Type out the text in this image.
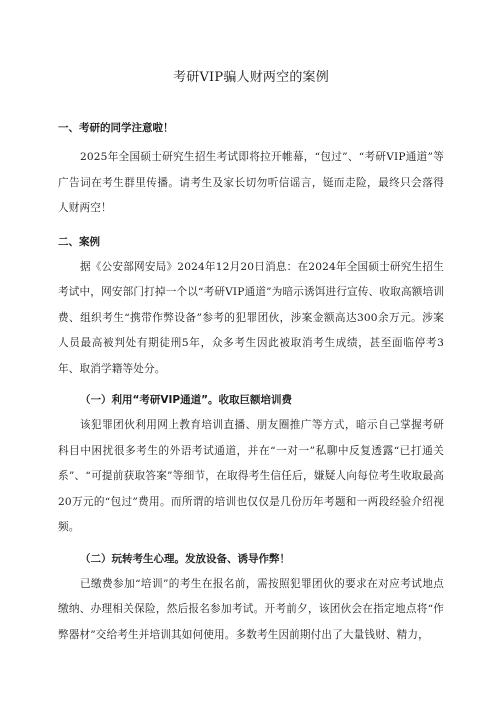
考研VIP骗人财两空的案例
一、考研的同学注意啦！

2025年全国硕士研究生招生考试即将拉开帷幕，“包过”、“考研VIP通道”等广告词在考生群里传播。请考生及家长切勿听信谣言，铤而走险，最终只会落得人财两空！

二、案例

据《公安部网安局》2024年12月20日消息：在2024年全国硕士研究生招生考试中，网安部门打掉一个以“考研VIP通道”为暗示诱饵进行宣传、收取高额培训费、组织考生“携带作弊设备”参考的犯罪团伙，涉案金额高达300余万元。涉案人员最高被判处有期徒刑5年，众多考生因此被取消考生成绩，甚至面临停考3年、取消学籍等处分。

（一）利用“考研VIP通道”。收取巨额培训费

该犯罪团伙利用网上教育培训直播、朋友圈推广等方式，暗示自己掌握考研科目中困扰很多考生的外语考试通道，并在“一对一”私聊中反复透露“已打通关系”、“可提前获取答案”等细节，在取得考生信任后，嫌疑人向每位考生收取最高20万元的“包过”费用。而所谓的培训也仅仅是几份历年考题和一两段经验介绍视频。

（二）玩转考生心理。发放设备、诱导作弊！

已缴费参加“培训”的考生在报名前，需按照犯罪团伙的要求在对应考试地点缴纳、办理相关保险，然后报名参加考试。开考前夕，该团伙会在指定地点将“作弊器材”交给考生并培训其如何使用。多数考生因前期付出了大量钱财、精力，
